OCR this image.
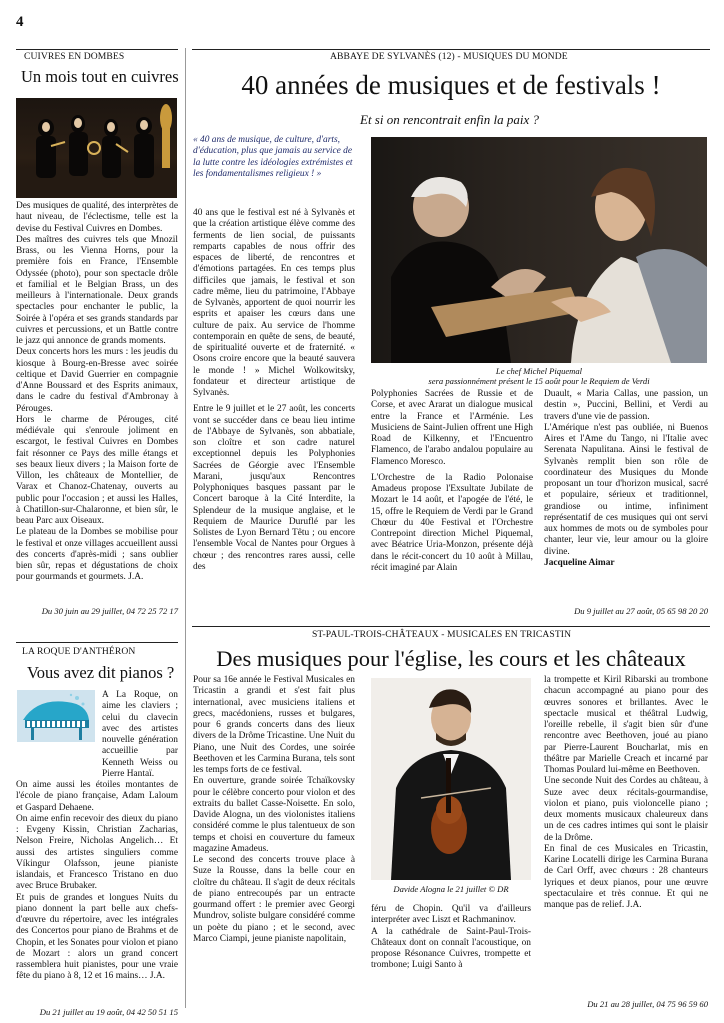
4
CUIVRES EN DOMBES
Un mois tout en cuivres

Des musiques de qualité, des interprètes de haut niveau, de l'éclectisme, telle est la devise du Festival Cuivres en Dombes.

Des maîtres des cuivres tels que Mnozil Brass, ou les Vienna Horns, pour la première fois en France, l'Ensemble Odyssée (photo), pour son spectacle drôle et familial et le Belgian Brass, un des meilleurs à l'internationale. Deux grands spectacles pour enchanter le public, la Soirée à l'opéra et ses grands standards par cuivres et percussions, et un Battle contre le jazz qui annonce de grands moments.

Deux concerts hors les murs : les jeudis du kiosque à Bourg-en-Bresse avec soirée celtique et David Guerrier en compagnie d'Anne Boussard et des Esprits animaux, dans le cadre du festival d'Ambronay à Pérouges.

Hors le charme de Pérouges, cité médiévale qui s'enroule joliment en escargot, le festival Cuivres en Dombes fait résonner ce Pays des mille étangs et ses beaux lieux divers ; la Maison forte de Villon, les châteaux de Montellier, de Varax et Chanoz-Chatenay, ouverts au public pour l'occasion ; et aussi les Halles, à Chatillon-sur-Chalaronne, et bien sûr, le beau Parc aux Oiseaux.

Le plateau de la Dombes se mobilise pour le festival et onze villages accueillent aussi des concerts d'après-midi ; sans oublier bien sûr, repas et dégustations de choix pour gourmands et gourmets. J.A.

Du 30 juin au 29 juillet, 04 72 25 72 17
LA ROQUE D'ANTHÉRON
Vous avez dit pianos ?

A La Roque, on aime les claviers ; celui du clavecin avec des artistes nouvelle génération accueillie par Kenneth Weiss ou Pierre Hantaï.

On aime aussi les étoiles montantes de l'école de piano française, Adam Laloum et Gaspard Dehaene.

On aime enfin recevoir des dieux du piano : Evgeny Kissin, Christian Zacharias, Nelson Freire, Nicholas Angelich… Et aussi des artistes singuliers comme Víkingur Olafsson, jeune pianiste islandais, et Francesco Tristano en duo avec Bruce Brubaker.

Et puis de grandes et longues Nuits du piano donnent la part belle aux chefs-d'œuvre du répertoire, avec les intégrales des Concertos pour piano de Brahms et de Chopin, et les Sonates pour violon et piano de Mozart : alors un grand concert rassemblera huit pianistes, pour une vraie fête du piano à 8, 12 et 16 mains… J.A.

Du 21 juillet au 19 août, 04 42 50 51 15
ABBAYE DE SYLVANÈS (12) - MUSIQUES DU MONDE
40 années de musiques et de festivals !
Et si on rencontrait enfin la paix ?
« 40 ans de musique, de culture, d'arts, d'éducation, plus que jamais au service de la lutte contre les idéologies extrémistes et les fondamentalismes religieux ! »

40 ans que le festival est né à Sylvanès et que la création artistique élève comme des ferments de lien social, de puissants remparts capables de nous offrir des espaces de liberté, de rencontres et d'émotions partagées. En ces temps plus difficiles que jamais, le festival et son cadre même, lieu du patrimoine, l'Abbaye de Sylvanès, apportent de quoi nourrir les esprits et apaiser les cœurs dans une culture de paix. Au service de l'homme contemporain en quête de sens, de beauté, de spiritualité ouverte et de fraternité. « Osons croire encore que la beauté sauvera le monde ! » Michel Wolkowitsky, fondateur et directeur artistique de Sylvanès.

Entre le 9 juillet et le 27 août, les concerts vont se succéder dans ce beau lieu intime de l'Abbaye de Sylvanès, son abbatiale, son cloître et son cadre naturel exceptionnel depuis les Polyphonies Sacrées de Géorgie avec l'Ensemble Marani, jusqu'aux Rencontres Polyphoniques basques passant par le Concert baroque à la Cité Interdite, la Splendeur de la musique anglaise, et le Requiem de Maurice Duruflé par les Solistes de Lyon Bernard Têtu ; ou encore l'ensemble Vocal de Nantes pour Orgues à chœur ; des rencontres rares aussi, celle des

Le chef Michel Piquemal
sera passionnément présent le 15 août pour le Requiem de Verdi

Polyphonies Sacrées de Russie et de Corse, et avec Ararat un dialogue musical entre la France et l'Arménie. Les Musiciens de Saint-Julien offrent une High Road de Kilkenny, et l'Encuentro Flamenco, de l'arabo andalou populaire au Flamenco Moresco.

L'Orchestre de la Radio Polonaise Amadeus propose l'Exsultate Jubilate de Mozart le 14 août, et l'apogée de l'été, le 15, offre le Requiem de Verdi par le Grand Chœur du 40e Festival et l'Orchestre Contrepoint direction Michel Piquemal, avec Béatrice Uria-Monzon, présente déjà dans le récit-concert du 10 août à Millau, récit imaginé par Alain

Duault, « Maria Callas, une passion, un destin », Puccini, Bellini, et Verdi au travers d'une vie de passion.

L'Amérique n'est pas oubliée, ni Buenos Aires et l'Ame du Tango, ni l'Italie avec Serenata Napulitana. Ainsi le festival de Sylvanès remplit bien son rôle de coordinateur des Musiques du Monde proposant un tour d'horizon musical, sacré et populaire, sérieux et traditionnel, grandiose ou intime, infiniment représentatif de ces musiques qui ont servi aux hommes de mots ou de symboles pour chanter, leur vie, leur amour ou la gloire divine.

Jacqueline Aimar

Du 9 juillet au 27 août, 05 65 98 20 20
ST-PAUL-TROIS-CHÂTEAUX - MUSICALES EN TRICASTIN
Des musiques pour l'église, les cours et les châteaux

Pour sa 16e année le Festival Musicales en Tricastin a grandi et s'est fait plus international, avec musiciens italiens et grecs, macédoniens, russes et bulgares, pour 6 grands concerts dans des lieux divers de la Drôme Tricastine. Une Nuit du Piano, une Nuit des Cordes, une soirée Beethoven et les Carmina Burana, tels sont les temps forts de ce festival.

En ouverture, grande soirée Tchaïkovsky pour le célèbre concerto pour violon et des extraits du ballet Casse-Noisette. En solo, Davide Alogna, un des violonistes italiens considéré comme le plus talentueux de son temps et choisi en couverture du fameux magazine Amadeus.

Le second des concerts trouve place à Suze la Rousse, dans la belle cour en cloître du château. Il s'agit de deux récitals de piano entrecoupés par un entracte gourmand offert : le premier avec Georgi Mundrov, soliste bulgare considéré comme un poète du piano ; et le second, avec Marco Ciampi, jeune pianiste napolitain,

Davide Alogna le 21 juillet © DR

féru de Chopin. Qu'il va d'ailleurs interpréter avec Liszt et Rachmaninov.

A la cathédrale de Saint-Paul-Trois-Châteaux dont on connaît l'acoustique, on propose Résonance Cuivres, trompette et trombone; Luigi Santo à

la trompette et Kiril Ribarski au trombone chacun accompagné au piano pour des œuvres sonores et brillantes. Avec le spectacle musical et théâtral Ludwig, l'oreille rebelle, il s'agit bien sûr d'une rencontre avec Beethoven, joué au piano par Pierre-Laurent Boucharlat, mis en théâtre par Marielle Creach et incarné par Thomas Poulard lui-même en Beethoven.

Une seconde Nuit des Cordes au château, à Suze avec deux récitals-gourmandise, violon et piano, puis violoncelle piano ; deux moments musicaux chaleureux dans un de ces cadres intimes qui sont le plaisir de la Drôme.

En final de ces Musicales en Tricastin, Karine Locatelli dirige les Carmina Burana de Carl Orff, avec chœurs : 28 chanteurs lyriques et deux pianos, pour une œuvre spectaculaire et très connue. Et qui ne manque pas de relief. J.A.

Du 21 au 28 juillet, 04 75 96 59 60
